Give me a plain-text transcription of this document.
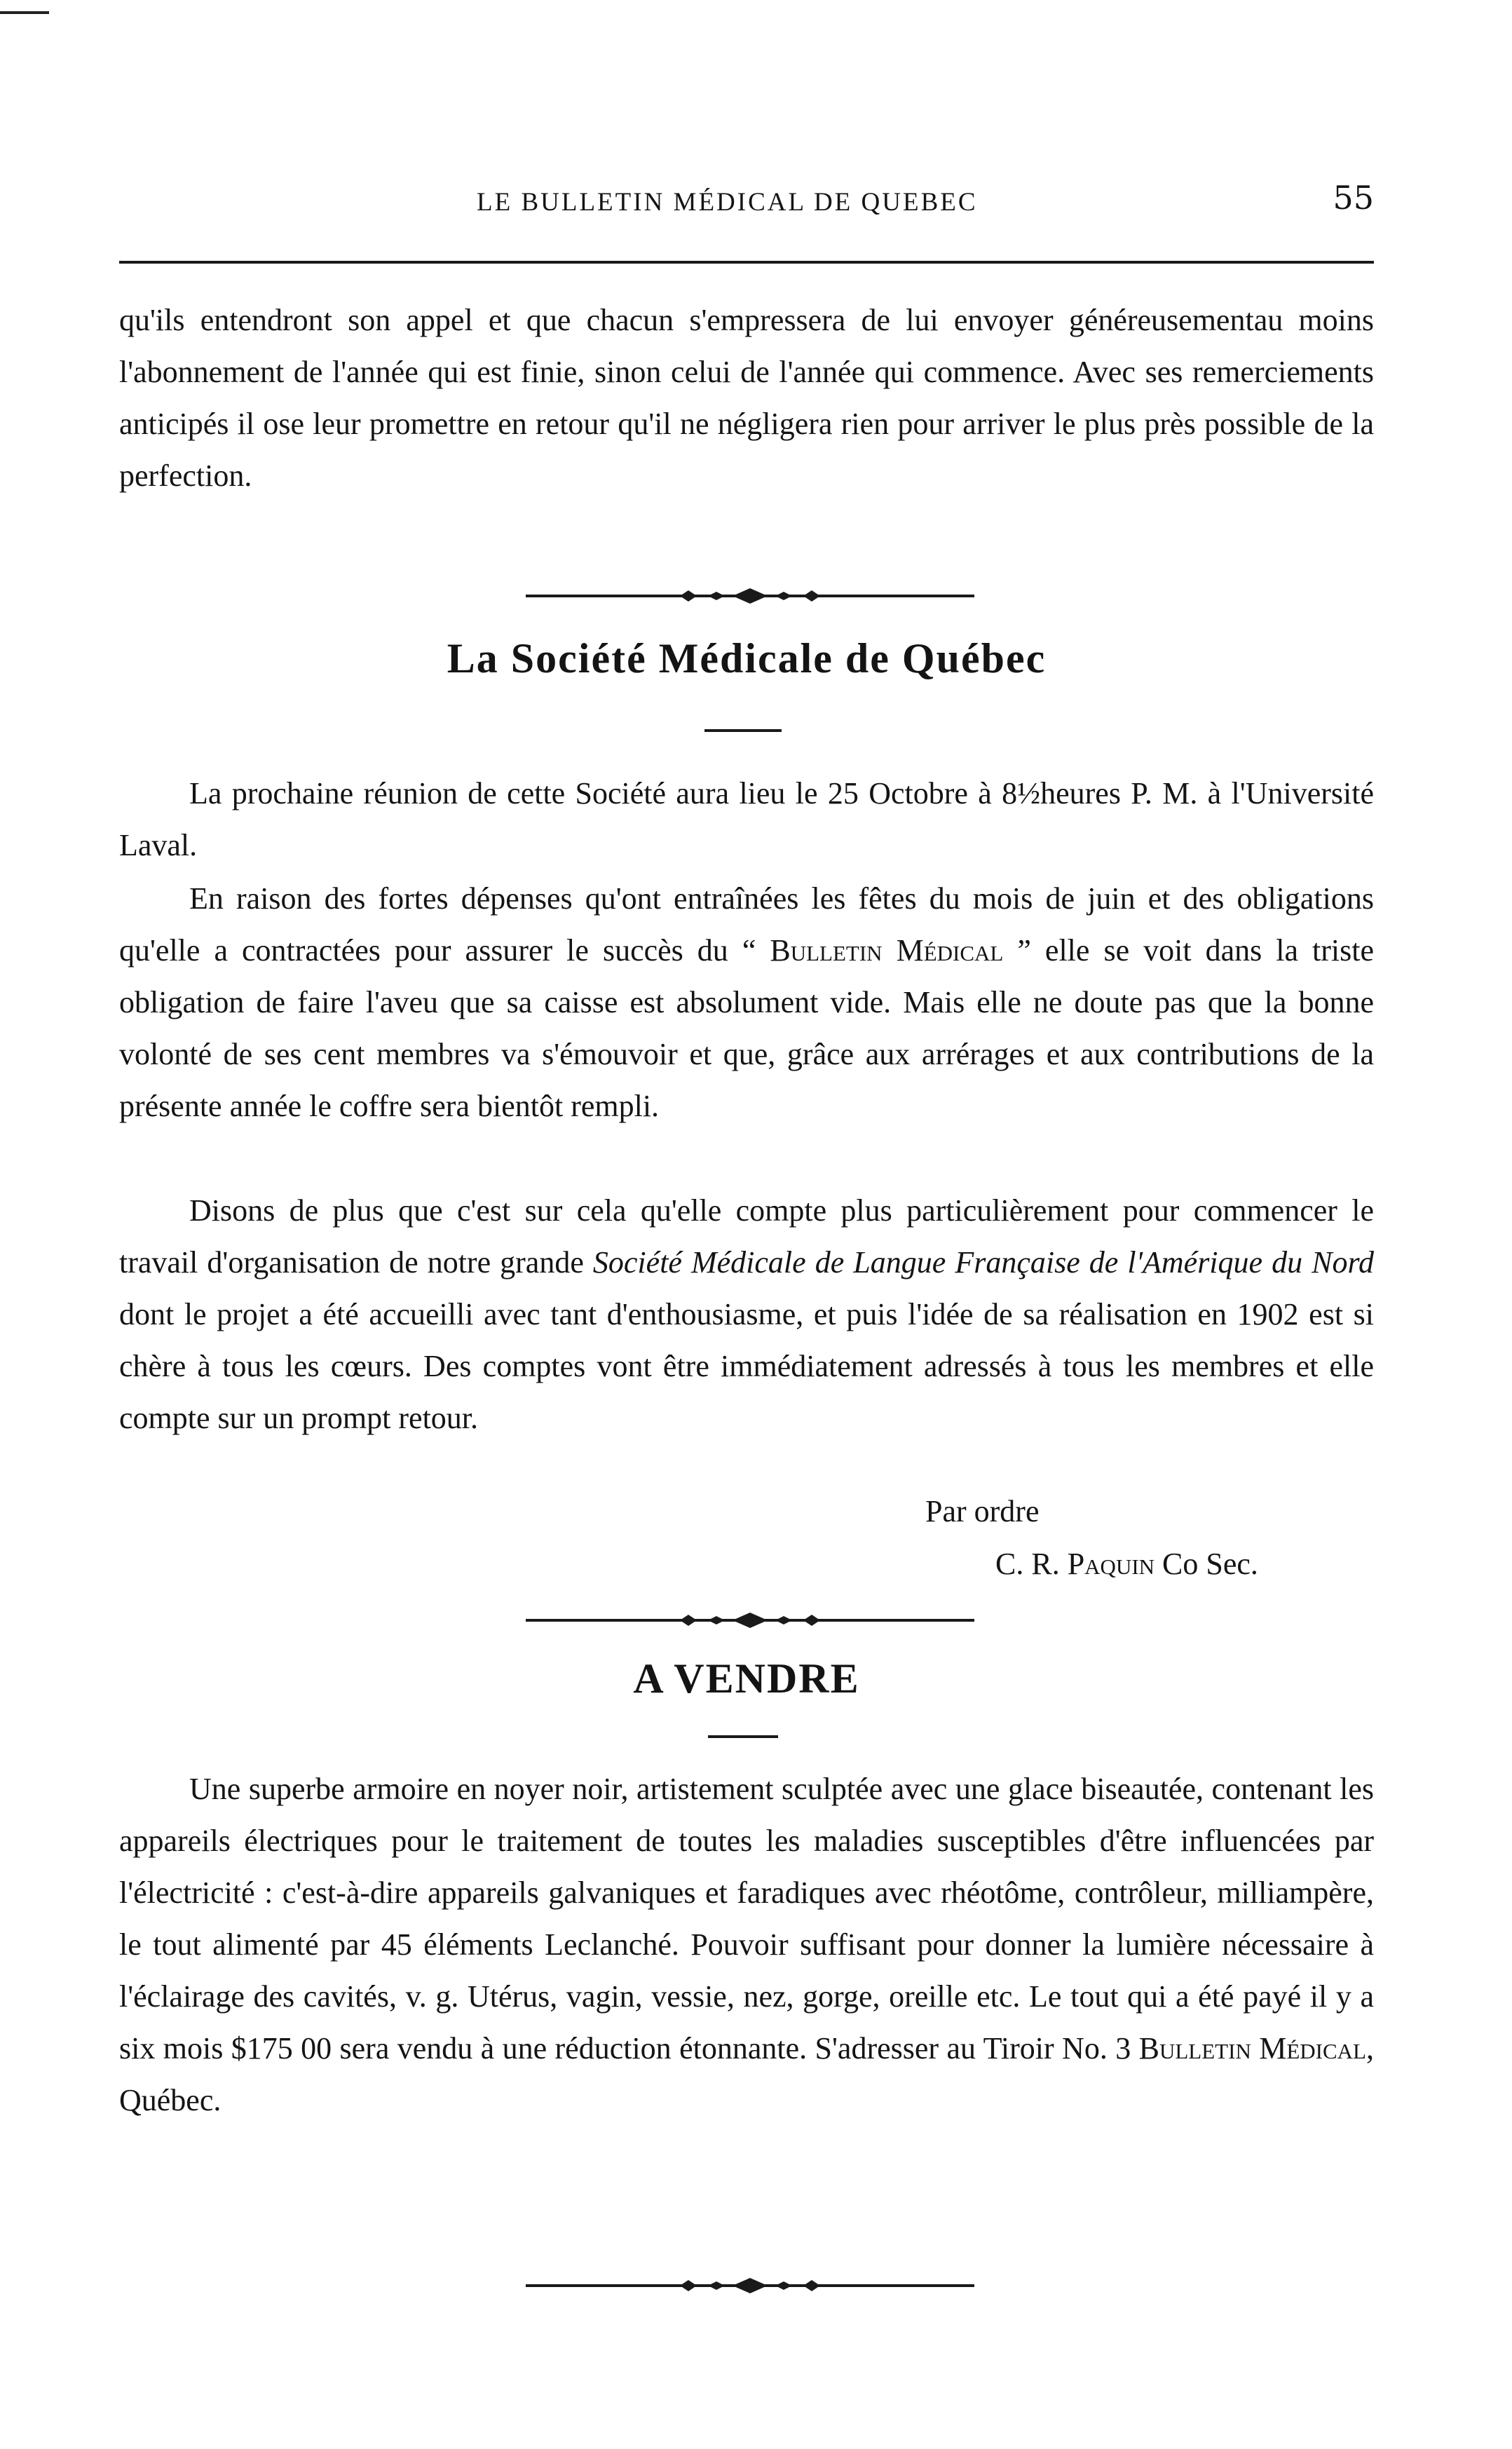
LE BULLETIN MÉDICAL DE QUEBEC	55

qu'ils entendront son appel et que chacun s'empressera de lui envoyer généreusementau moins l'abonnement de l'année qui est finie, sinon celui de l'année qui commence. Avec ses remerciements anticipés il ose leur promettre en retour qu'il ne négligera rien pour arriver le plus près possible de la perfection.

La Société Médicale de Québec

La prochaine réunion de cette Société aura lieu le 25 Octobre à 8½heures P. M. à l'Université Laval.

En raison des fortes dépenses qu'ont entraînées les fêtes du mois de juin et des obligations qu'elle a contractées pour assurer le succès du “ Bulletin Médical ” elle se voit dans la triste obligation de faire l'aveu que sa caisse est absolument vide. Mais elle ne doute pas que la bonne volonté de ses cent membres va s'émouvoir et que, grâce aux arrérages et aux contributions de la présente année le coffre sera bientôt rempli.

Disons de plus que c'est sur cela qu'elle compte plus particulièrement pour commencer le travail d'organisation de notre grande Société Médicale de Langue Française de l'Amérique du Nord dont le projet a été accueilli avec tant d'enthousiasme, et puis l'idée de sa réalisation en 1902 est si chère à tous les cœurs. Des comptes vont être immédiatement adressés à tous les membres et elle compte sur un prompt retour.

Par ordre
C. R. Paquin Co Sec.
A VENDRE

Une superbe armoire en noyer noir, artistement sculptée avec une glace biseautée, contenant les appareils électriques pour le traitement de toutes les maladies susceptibles d'être influencées par l'électricité : c'est-à-dire appareils galvaniques et faradiques avec rhéotôme, contrôleur, milliampère, le tout alimenté par 45 éléments Leclanché. Pouvoir suffisant pour donner la lumière nécessaire à l'éclairage des cavités, v. g. Utérus, vagin, vessie, nez, gorge, oreille etc. Le tout qui a été payé il y a six mois $175 00 sera vendu à une réduction étonnante. S'adresser au Tiroir No. 3 Bulletin Médical, Québec.
